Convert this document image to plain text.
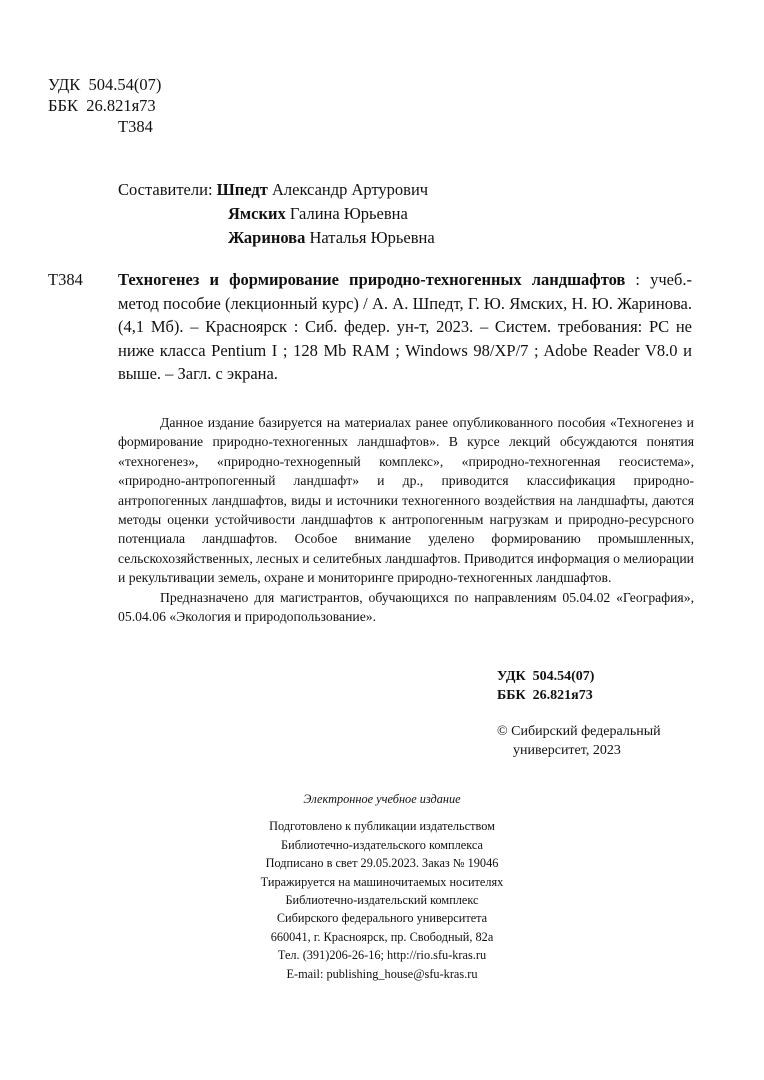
УДК  504.54(07)
ББК  26.821я73
Т384
Составители: Шпедт Александр Артурович
Ямских Галина Юрьевна
Жаринова Наталья Юрьевна
Т384 Техногенез и формирование природно-техногенных ландшафтов : учеб.-метод пособие (лекционный курс) / А. А. Шпедт, Г. Ю. Ямских, Н. Ю. Жаринова. (4,1 Мб). – Красноярск : Сиб. федер. ун-т, 2023. – Систем. требования: PC не ниже класса Pentium I ; 128 Mb RAM ; Windows 98/XP/7 ; Adobe Reader V8.0 и выше. – Загл. с экрана.

Данное издание базируется на материалах ранее опубликованного пособия «Техногенез и формирование природно-техногенных ландшафтов». В курсе лекций обсуждаются понятия «техногенез», «природно-технogenный комплекс», «природно-техногенная геосистема», «природно-антропогенный ландшафт» и др., приводится классификация природно-антропогенных ландшафтов, виды и источники техногенного воздействия на ландшафты, даются методы оценки устойчивости ландшафтов к антропогенным нагрузкам и природно-ресурсного потенциала ландшафтов. Особое внимание уделено формированию промышленных, сельскохозяйственных, лесных и селитебных ландшафтов. Приводится информация о мелиорации и рекультивации земель, охране и мониторинге природно-техногенных ландшафтов.

Предназначено для магистрантов, обучающихся по направлениям 05.04.02 «География», 05.04.06 «Экология и природопользование».

УДК  504.54(07)
ББК  26.821я73
© Сибирский федеральный
университет, 2023
Электронное учебное издание
Подготовлено к публикации издательством
Библиотечно-издательского комплекса
Подписано в свет 29.05.2023. Заказ № 19046
Тиражируется на машиночитаемых носителях
Библиотечно-издательский комплекс
Сибирского федерального университета
660041, г. Красноярск, пр. Свободный, 82а
Тел. (391)206-26-16; http://rio.sfu-kras.ru
E-mail: publishing_house@sfu-kras.ru
